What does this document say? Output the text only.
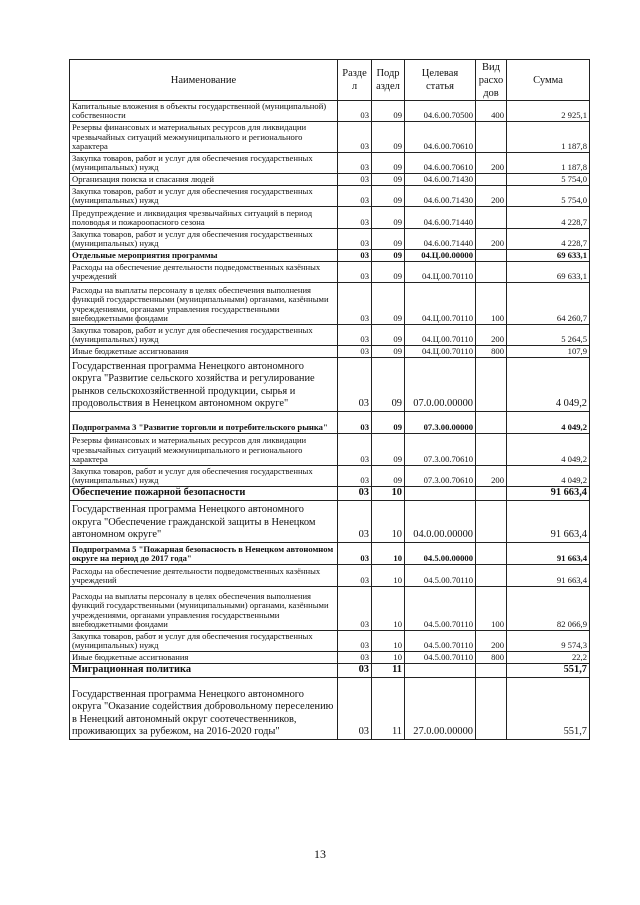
Наименование	Разде л	Подр аздел	Целевая статья	Вид расхо дов	Сумма
Капитальные вложения в объекты государственной (муниципальной) собственности	03	09	04.6.00.70500	400	2 925,1
Резервы финансовых и материальных ресурсов для ликвидации чрезвычайных ситуаций межмуниципального и регионального характера	03	09	04.6.00.70610		1 187,8
Закупка товаров, работ и услуг для обеспечения государственных (муниципальных) нужд	03	09	04.6.00.70610	200	1 187,8
Организация поиска и спасания людей	03	09	04.6.00.71430		5 754,0
Закупка товаров, работ и услуг для обеспечения государственных (муниципальных) нужд	03	09	04.6.00.71430	200	5 754,0
Предупреждение и ликвидация чрезвычайных ситуаций в период половодья и пожароопасного сезона	03	09	04.6.00.71440		4 228,7
Закупка товаров, работ и услуг для обеспечения государственных (муниципальных) нужд	03	09	04.6.00.71440	200	4 228,7
Отдельные мероприятия программы	03	09	04.Ц.00.00000		69 633,1
Расходы на обеспечение деятельности подведомственных казённых учреждений	03	09	04.Ц.00.70110		69 633,1
Расходы на выплаты персоналу в целях обеспечения выполнения функций государственными (муниципальными) органами, казёнными учреждениями, органами управления государственными внебюджетными фондами	03	09	04.Ц.00.70110	100	64 260,7
Закупка товаров, работ и услуг для обеспечения государственных (муниципальных) нужд	03	09	04.Ц.00.70110	200	5 264,5
Иные бюджетные ассигнования	03	09	04.Ц.00.70110	800	107,9
Государственная программа Ненецкого автономного округа "Развитие сельского хозяйства и регулирование рынков сельскохозяйственной продукции, сырья и продовольствия в Ненецком автономном округе"	03	09	07.0.00.00000		4 049,2
Подпрограмма 3 "Развитие торговли и потребительского рынка"	03	09	07.3.00.00000		4 049,2
Резервы финансовых и материальных ресурсов для ликвидации чрезвычайных ситуаций межмуниципального и регионального характера	03	09	07.3.00.70610		4 049,2
Закупка товаров, работ и услуг для обеспечения государственных (муниципальных) нужд	03	09	07.3.00.70610	200	4 049,2
Обеспечение пожарной безопасности	03	10			91 663,4
Государственная программа Ненецкого автономного округа "Обеспечение гражданской защиты в Ненецком автономном округе"	03	10	04.0.00.00000		91 663,4
Подпрограмма 5 "Пожарная безопасность в Ненецком автономном округе на период до 2017 года"	03	10	04.5.00.00000		91 663,4
Расходы на обеспечение деятельности подведомственных казённых учреждений	03	10	04.5.00.70110		91 663,4
Расходы на выплаты персоналу в целях обеспечения выполнения функций государственными (муниципальными) органами, казёнными учреждениями, органами управления государственными внебюджетными фондами	03	10	04.5.00.70110	100	82 066,9
Закупка товаров, работ и услуг для обеспечения государственных (муниципальных) нужд	03	10	04.5.00.70110	200	9 574,3
Иные бюджетные ассигнования	03	10	04.5.00.70110	800	22,2
Миграционная политика	03	11			551,7
Государственная программа Ненецкого автономного округа "Оказание содействия добровольному переселению в Ненецкий автономный округ соотечественников, проживающих за рубежом, на 2016-2020 годы"	03	11	27.0.00.00000		551,7
13
